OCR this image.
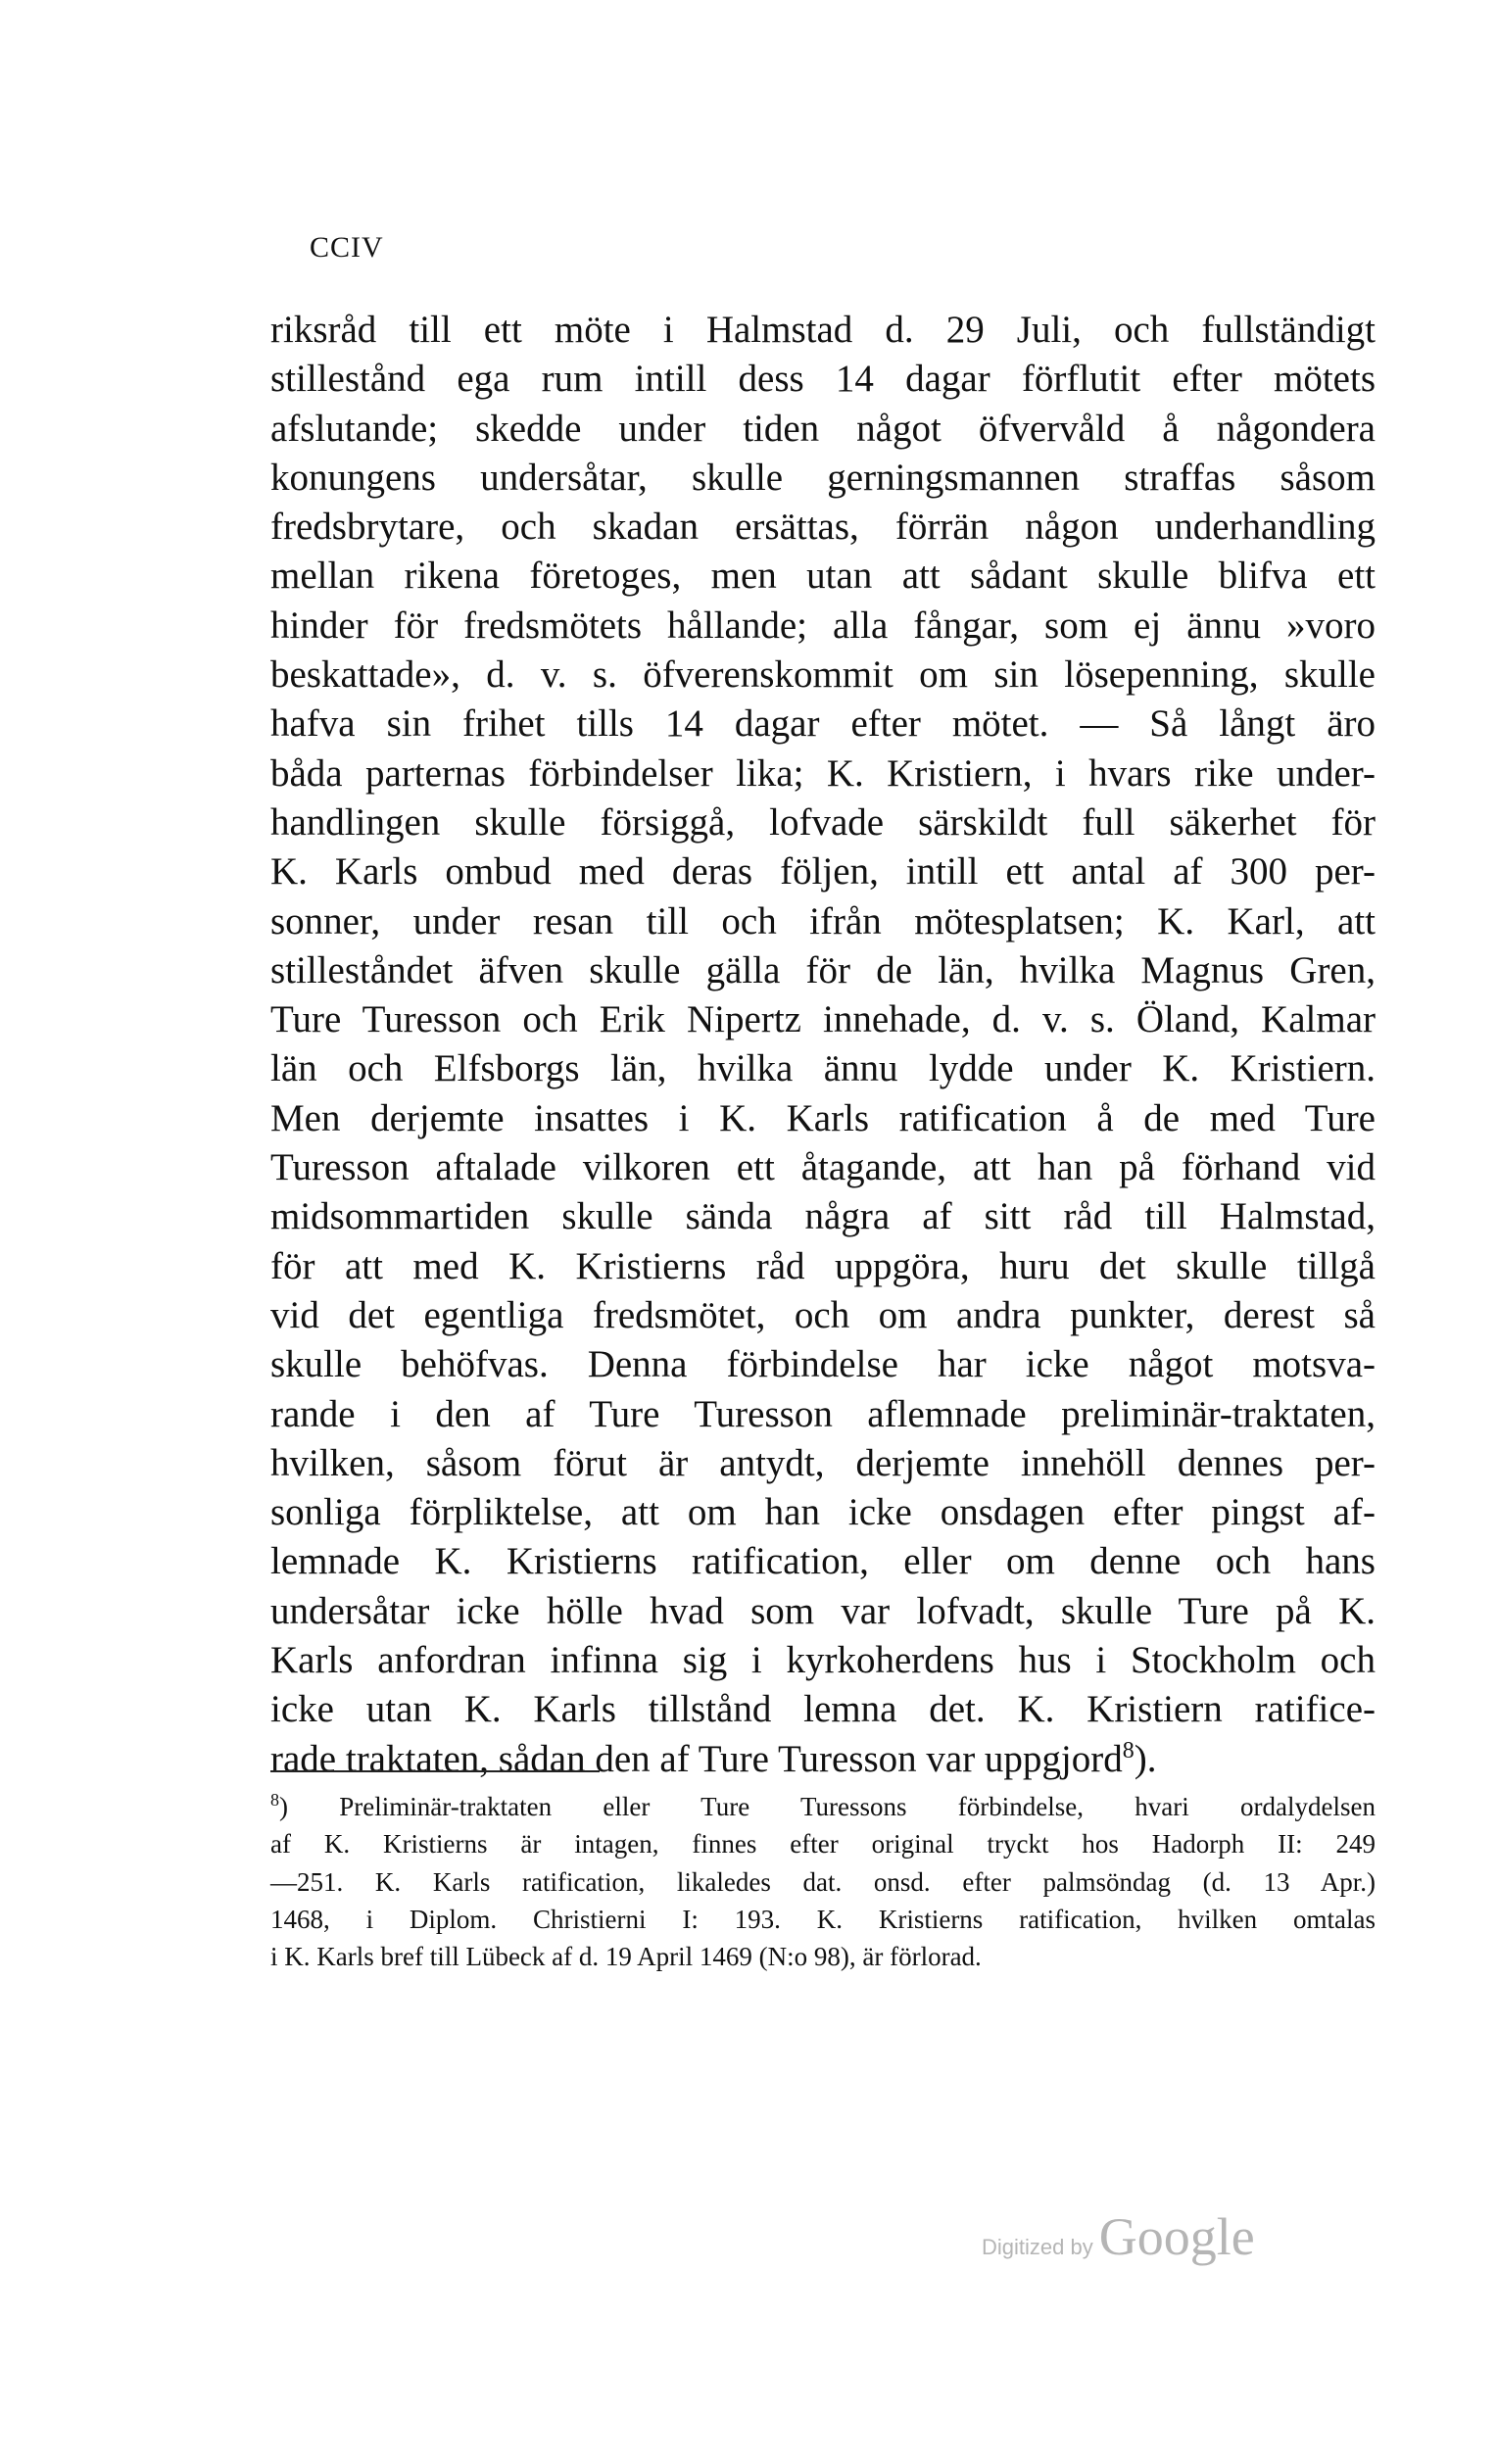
CCIV
riksråd till ett möte i Halmstad d. 29 Juli, och fullständigt
stillestånd ega rum intill dess 14 dagar förflutit efter mötets
afslutande; skedde under tiden något öfvervåld å någondera
konungens undersåtar, skulle gerningsmannen straffas såsom
fredsbrytare, och skadan ersättas, förrän någon underhandling
mellan rikena företoges, men utan att sådant skulle blifva ett
hinder för fredsmötets hållande; alla fångar, som ej ännu »voro
beskattade», d. v. s. öfverenskommit om sin lösepenning, skulle
hafva sin frihet tills 14 dagar efter mötet. — Så långt äro
båda parternas förbindelser lika; K. Kristiern, i hvars rike under-
handlingen skulle försiggå, lofvade särskildt full säkerhet för
K. Karls ombud med deras följen, intill ett antal af 300 per-
sonner, under resan till och ifrån mötesplatsen; K. Karl, att
stilleståndet äfven skulle gälla för de län, hvilka Magnus Gren,
Ture Turesson och Erik Nipertz innehade, d. v. s. Öland, Kalmar
län och Elfsborgs län, hvilka ännu lydde under K. Kristiern.
Men derjemte insattes i K. Karls ratification å de med Ture
Turesson aftalade vilkoren ett åtagande, att han på förhand vid
midsommartiden skulle sända några af sitt råd till Halmstad,
för att med K. Kristierns råd uppgöra, huru det skulle tillgå
vid det egentliga fredsmötet, och om andra punkter, derest så
skulle behöfvas. Denna förbindelse har icke något motsva-
rande i den af Ture Turesson aflemnade preliminär-traktaten,
hvilken, såsom förut är antydt, derjemte innehöll dennes per-
sonliga förpliktelse, att om han icke onsdagen efter pingst af-
lemnade K. Kristierns ratification, eller om denne och hans
undersåtar icke hölle hvad som var lofvadt, skulle Ture på K.
Karls anfordran infinna sig i kyrkoherdens hus i Stockholm och
icke utan K. Karls tillstånd lemna det. K. Kristiern ratifice-
rade traktaten, sådan den af Ture Turesson var uppgjord$^8$).
$^8$) Preliminär-traktaten eller Ture Turessons förbindelse, hvari ordalydelsen
af K. Kristierns är intagen, finnes efter original tryckt hos Hadorph II: 249
—251. K. Karls ratification, likaledes dat. onsd. efter palmsöndag (d. 13 Apr.)
1468, i Diplom. Christierni I: 193. K. Kristierns ratification, hvilken omtalas
i K. Karls bref till Lübeck af d. 19 April 1469 (N:o 98), är förlorad.
Digitized by Google
